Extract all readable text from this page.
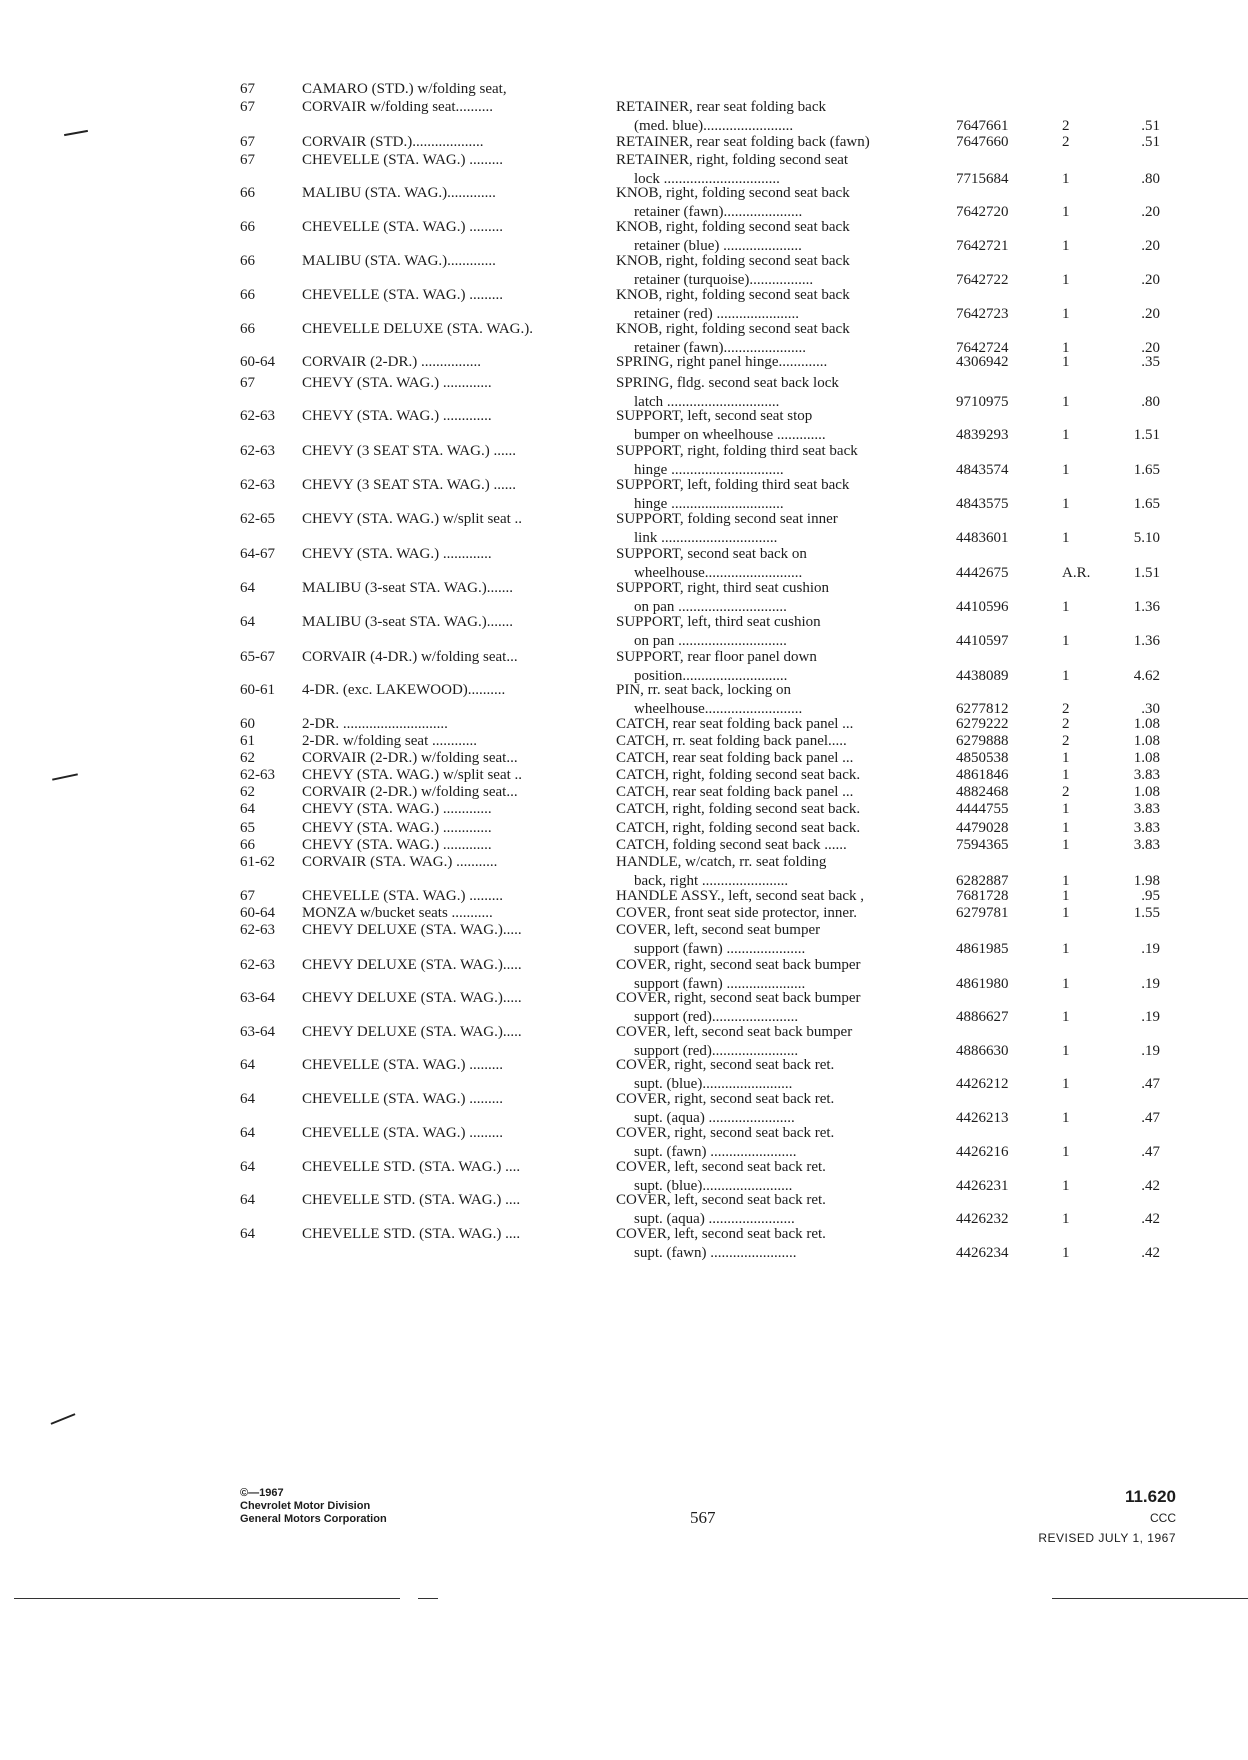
67	CAMARO (STD.) w/folding seat,
67	CORVAIR w/folding seat..........	RETAINER, rear seat folding back
(med. blue)........................	7647661	2	.51
67	CORVAIR (STD.)...................	RETAINER, rear seat folding back (fawn)	7647660	2	.51
67	CHEVELLE (STA. WAG.) .........	RETAINER, right, folding second seat
lock ...............................	7715684	1	.80
66	MALIBU (STA. WAG.).............	KNOB, right, folding second seat back
retainer (fawn).....................	7642720	1	.20
66	CHEVELLE (STA. WAG.) .........	KNOB, right, folding second seat back
retainer (blue) .....................	7642721	1	.20
66	MALIBU (STA. WAG.).............	KNOB, right, folding second seat back
retainer (turquoise).................	7642722	1	.20
66	CHEVELLE (STA. WAG.) .........	KNOB, right, folding second seat back
retainer (red) ......................	7642723	1	.20
66	CHEVELLE DELUXE (STA. WAG.).	KNOB, right, folding second seat back
retainer (fawn)......................	7642724	1	.20
60-64	CORVAIR (2-DR.) ................	SPRING, right panel hinge.............	4306942	1	.35
67	CHEVY (STA. WAG.) .............	SPRING, fldg. second seat back lock
latch ..............................	9710975	1	.80
62-63	CHEVY (STA. WAG.) .............	SUPPORT, left, second seat stop
bumper on wheelhouse .............	4839293	1	1.51
62-63	CHEVY (3 SEAT STA. WAG.) ......	SUPPORT, right, folding third seat back
hinge ..............................	4843574	1	1.65
62-63	CHEVY (3 SEAT STA. WAG.) ......	SUPPORT, left, folding third seat back
hinge ..............................	4843575	1	1.65
62-65	CHEVY (STA. WAG.) w/split seat ..	SUPPORT, folding second seat inner
link ...............................	4483601	1	5.10
64-67	CHEVY (STA. WAG.) .............	SUPPORT, second seat back on
wheelhouse..........................	4442675	A.R.	1.51
64	MALIBU (3-seat STA. WAG.).......	SUPPORT, right, third seat cushion
on pan .............................	4410596	1	1.36
64	MALIBU (3-seat STA. WAG.).......	SUPPORT, left, third seat cushion
on pan .............................	4410597	1	1.36
65-67	CORVAIR (4-DR.) w/folding seat...	SUPPORT, rear floor panel down
position............................	4438089	1	4.62
60-61	4-DR. (exc. LAKEWOOD)..........	PIN, rr. seat back, locking on
wheelhouse..........................	6277812	2	.30
60	2-DR. ............................	CATCH, rear seat folding back panel ...	6279222	2	1.08
61	2-DR. w/folding seat ............	CATCH, rr. seat folding back panel.....	6279888	2	1.08
62	CORVAIR (2-DR.) w/folding seat...	CATCH, rear seat folding back panel ...	4850538	1	1.08
62-63	CHEVY (STA. WAG.) w/split seat ..	CATCH, right, folding second seat back.	4861846	1	3.83
62	CORVAIR (2-DR.) w/folding seat...	CATCH, rear seat folding back panel ...	4882468	2	1.08
64	CHEVY (STA. WAG.) .............	CATCH, right, folding second seat back.	4444755	1	3.83
65	CHEVY (STA. WAG.) .............	CATCH, right, folding second seat back.	4479028	1	3.83
66	CHEVY (STA. WAG.) .............	CATCH, folding second seat back ......	7594365	1	3.83
61-62	CORVAIR (STA. WAG.) ...........	HANDLE, w/catch, rr. seat folding
back, right .......................	6282887	1	1.98
67	CHEVELLE (STA. WAG.) .........	HANDLE ASSY., left, second seat back ,	7681728	1	.95
60-64	MONZA w/bucket seats ...........	COVER, front seat side protector, inner.	6279781	1	1.55
62-63	CHEVY DELUXE (STA. WAG.).....	COVER, left, second seat bumper
support (fawn) .....................	4861985	1	.19
62-63	CHEVY DELUXE (STA. WAG.).....	COVER, right, second seat back bumper
support (fawn) .....................	4861980	1	.19
63-64	CHEVY DELUXE (STA. WAG.).....	COVER, right, second seat back bumper
support (red).......................	4886627	1	.19
63-64	CHEVY DELUXE (STA. WAG.).....	COVER, left, second seat back bumper
support (red).......................	4886630	1	.19
64	CHEVELLE (STA. WAG.) .........	COVER, right, second seat back ret.
supt. (blue)........................	4426212	1	.47
64	CHEVELLE (STA. WAG.) .........	COVER, right, second seat back ret.
supt. (aqua) .......................	4426213	1	.47
64	CHEVELLE (STA. WAG.) .........	COVER, right, second seat back ret.
supt. (fawn) .......................	4426216	1	.47
64	CHEVELLE STD. (STA. WAG.) ....	COVER, left, second seat back ret.
supt. (blue)........................	4426231	1	.42
64	CHEVELLE STD. (STA. WAG.) ....	COVER, left, second seat back ret.
supt. (aqua) .......................	4426232	1	.42
64	CHEVELLE STD. (STA. WAG.) ....	COVER, left, second seat back ret.
supt. (fawn) .......................	4426234	1	.42
©—1967
Chevrolet Motor Division
General Motors Corporation	567
11.620
CCC
REVISED JULY 1, 1967
